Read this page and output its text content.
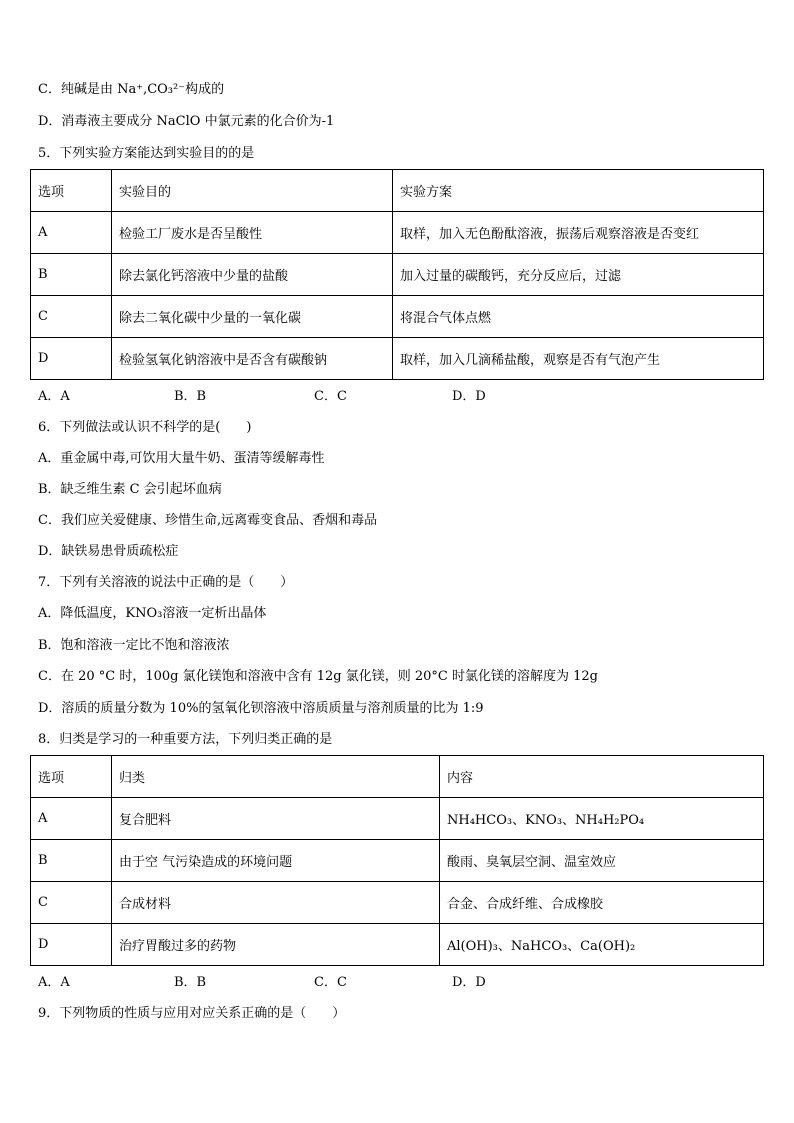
C．纯碱是由 Na⁺,CO₃²⁻构成的
D．消毒液主要成分 NaClO 中氯元素的化合价为-1
5．下列实验方案能达到实验目的的是
选项	实验目的	实验方案
A	检验工厂废水是否呈酸性	取样，加入无色酚酞溶液，振荡后观察溶液是否变红
B	除去氯化钙溶液中少量的盐酸	加入过量的碳酸钙，充分反应后，过滤
C	除去二氧化碳中少量的一氧化碳	将混合气体点燃
D	检验氢氧化钠溶液中是否含有碳酸钠	取样，加入几滴稀盐酸，观察是否有气泡产生
A．A	B．B	C．C	D．D
6．下列做法或认识不科学的是(　　)
A．重金属中毒,可饮用大量牛奶、蛋清等缓解毒性
B．缺乏维生素 C 会引起坏血病
C．我们应关爱健康、珍惜生命,远离霉变食品、香烟和毒品
D．缺铁易患骨质疏松症
7．下列有关溶液的说法中正确的是（　　）
A．降低温度，KNO₃溶液一定析出晶体
B．饱和溶液一定比不饱和溶液浓
C．在 20 °C 时，100g 氯化镁饱和溶液中含有 12g 氯化镁，则 20°C 时氯化镁的溶解度为 12g
D．溶质的质量分数为 10%的氢氧化钡溶液中溶质质量与溶剂质量的比为 1:9
8．归类是学习的一种重要方法，下列归类正确的是
选项	归类	内容
A	复合肥料	NH₄HCO₃、KNO₃、NH₄H₂PO₄
B	由于空 气污染造成的环境问题	酸雨、臭氧层空洞、温室效应
C	合成材料	合金、合成纤维、合成橡胶
D	治疗胃酸过多的药物	Al(OH)₃、NaHCO₃、Ca(OH)₂
A．A	B．B	C．C	D．D
9．下列物质的性质与应用对应关系正确的是（　　）
